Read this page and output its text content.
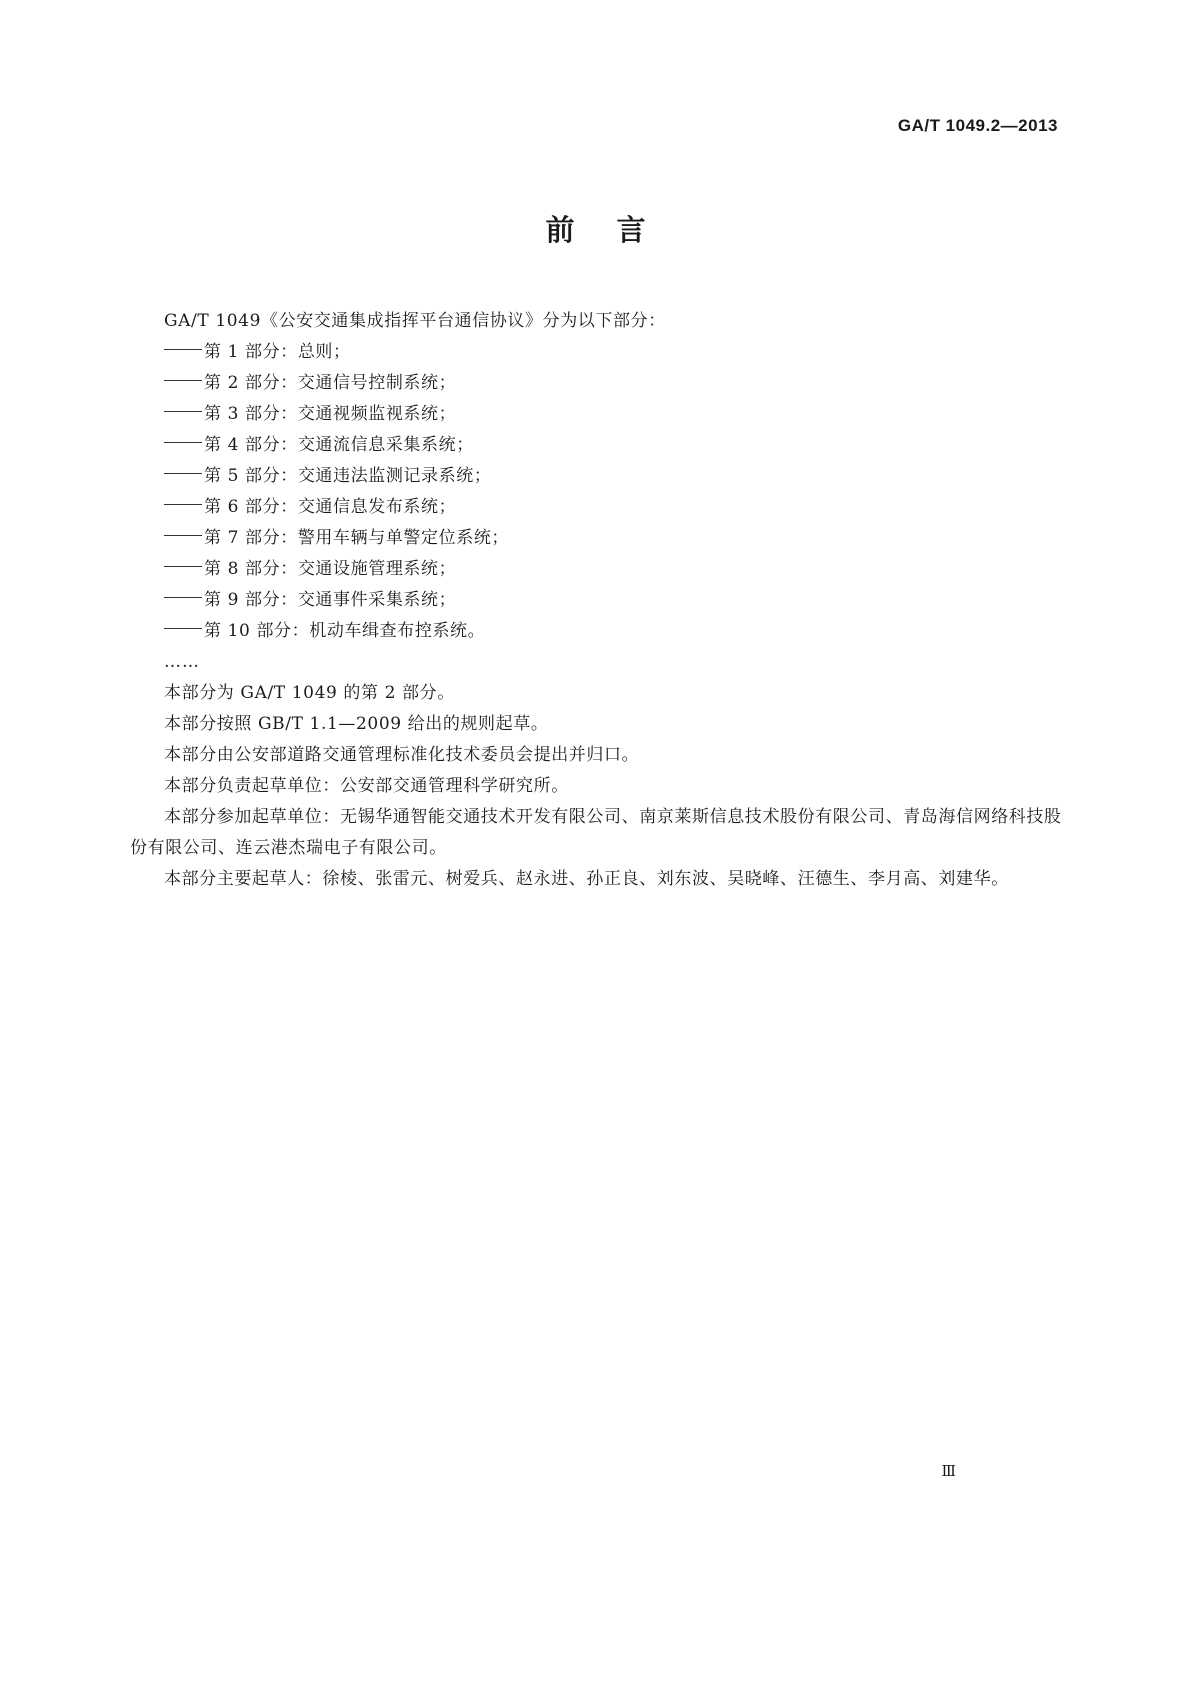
GA/T 1049.2—2013
前言

GA/T 1049《公安交通集成指挥平台通信协议》分为以下部分：

第 1 部分：总则；

第 2 部分：交通信号控制系统；

第 3 部分：交通视频监视系统；

第 4 部分：交通流信息采集系统；

第 5 部分：交通违法监测记录系统；

第 6 部分：交通信息发布系统；

第 7 部分：警用车辆与单警定位系统；

第 8 部分：交通设施管理系统；

第 9 部分：交通事件采集系统；

第 10 部分：机动车缉查布控系统。

……

本部分为 GA/T 1049 的第 2 部分。

本部分按照 GB/T 1.1—2009 给出的规则起草。

本部分由公安部道路交通管理标准化技术委员会提出并归口。

本部分负责起草单位：公安部交通管理科学研究所。

本部分参加起草单位：无锡华通智能交通技术开发有限公司、南京莱斯信息技术股份有限公司、青岛海信网络科技股份有限公司、连云港杰瑞电子有限公司。

本部分主要起草人：徐棱、张雷元、树爱兵、赵永进、孙正良、刘东波、吴晓峰、汪德生、李月高、刘建华。

Ⅲ
